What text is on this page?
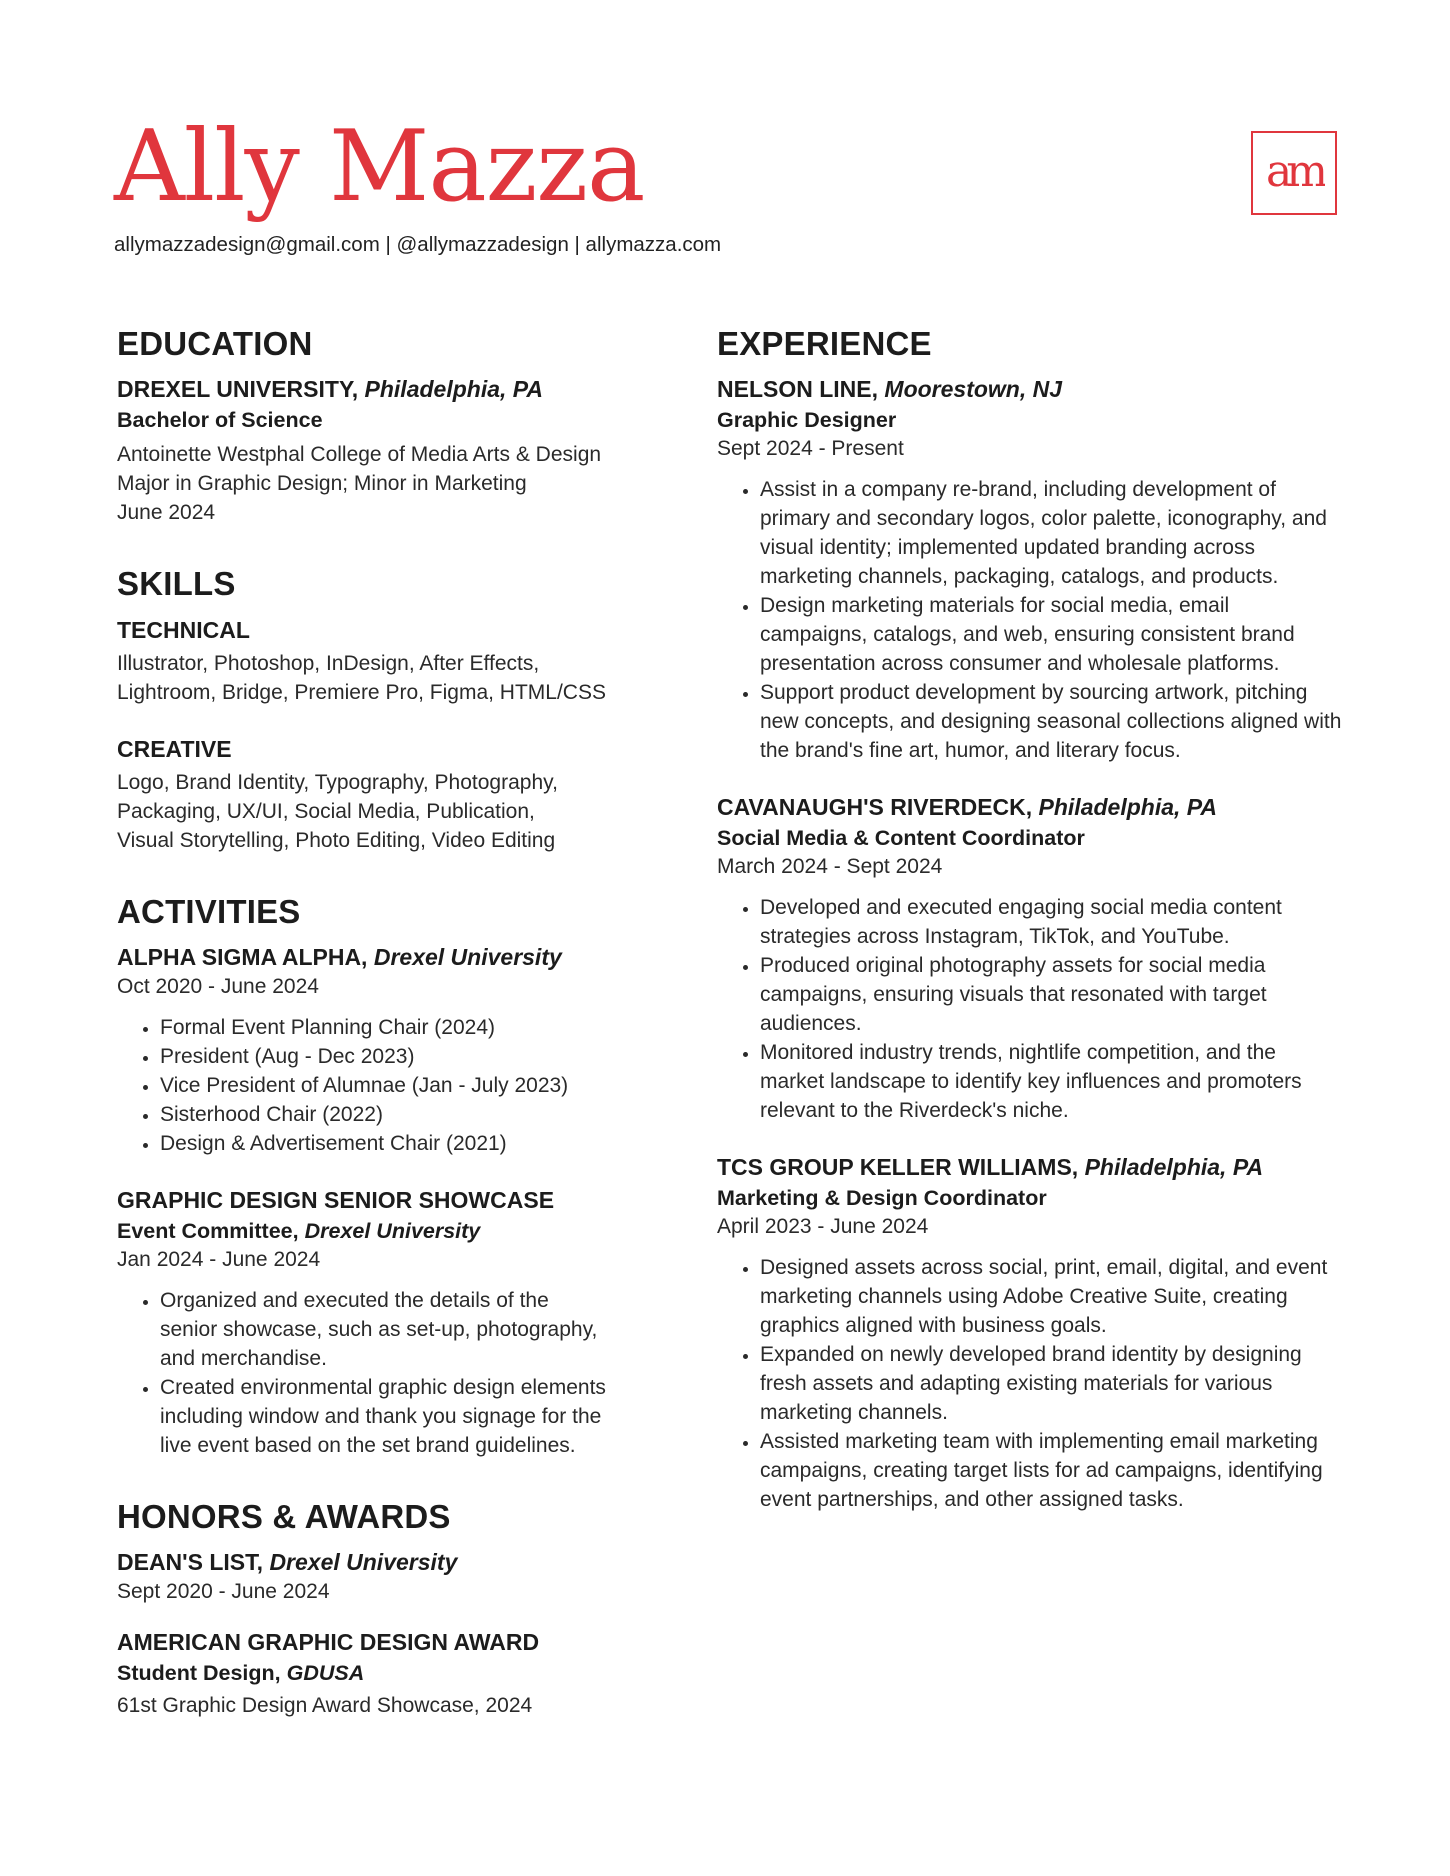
Ally Mazza
allymazzadesign@gmail.com | @allymazzadesign | allymazza.com
am
EDUCATION

DREXEL UNIVERSITY, Philadelphia, PA

Bachelor of Science

Antoinette Westphal College of Media Arts & Design

Major in Graphic Design; Minor in Marketing

June 2024

SKILLS

TECHNICAL

Illustrator, Photoshop, InDesign, After Effects,

Lightroom, Bridge, Premiere Pro, Figma, HTML/CSS

CREATIVE

Logo, Brand Identity, Typography, Photography,

Packaging, UX/UI, Social Media, Publication,

Visual Storytelling, Photo Editing, Video Editing

ACTIVITIES

ALPHA SIGMA ALPHA, Drexel University

Oct 2020 - June 2024

• Formal Event Planning Chair (2024)
• President (Aug - Dec 2023)
• Vice President of Alumnae (Jan - July 2023)
• Sisterhood Chair (2022)
• Design & Advertisement Chair (2021)

GRAPHIC DESIGN SENIOR SHOWCASE

Event Committee, Drexel University

Jan 2024 - June 2024

• Organized and executed the details of the senior showcase, such as set-up, photography, and merchandise.
• Created environmental graphic design elements including window and thank you signage for the live event based on the set brand guidelines.
HONORS & AWARDS

DEAN'S LIST, Drexel University

Sept 2020 - June 2024

AMERICAN GRAPHIC DESIGN AWARD

Student Design, GDUSA

61st Graphic Design Award Showcase, 2024

EXPERIENCE

NELSON LINE, Moorestown, NJ

Graphic Designer

Sept 2024 - Present

• Assist in a company re-brand, including development of primary and secondary logos, color palette, iconography, and visual identity; implemented updated branding across marketing channels, packaging, catalogs, and products.
• Design marketing materials for social media, email campaigns, catalogs, and web, ensuring consistent brand presentation across consumer and wholesale platforms.
• Support product development by sourcing artwork, pitching new concepts, and designing seasonal collections aligned with the brand's fine art, humor, and literary focus.

CAVANAUGH'S RIVERDECK, Philadelphia, PA

Social Media & Content Coordinator

March 2024 - Sept 2024

• Developed and executed engaging social media content strategies across Instagram, TikTok, and YouTube.
• Produced original photography assets for social media campaigns, ensuring visuals that resonated with target audiences.
• Monitored industry trends, nightlife competition, and the market landscape to identify key influences and promoters relevant to the Riverdeck's niche.

TCS GROUP KELLER WILLIAMS, Philadelphia, PA

Marketing & Design Coordinator

April 2023 - June 2024

• Designed assets across social, print, email, digital, and event marketing channels using Adobe Creative Suite, creating graphics aligned with business goals.
• Expanded on newly developed brand identity by designing fresh assets and adapting existing materials for various marketing channels.
• Assisted marketing team with implementing email marketing campaigns, creating target lists for ad campaigns, identifying event partnerships, and other assigned tasks.
